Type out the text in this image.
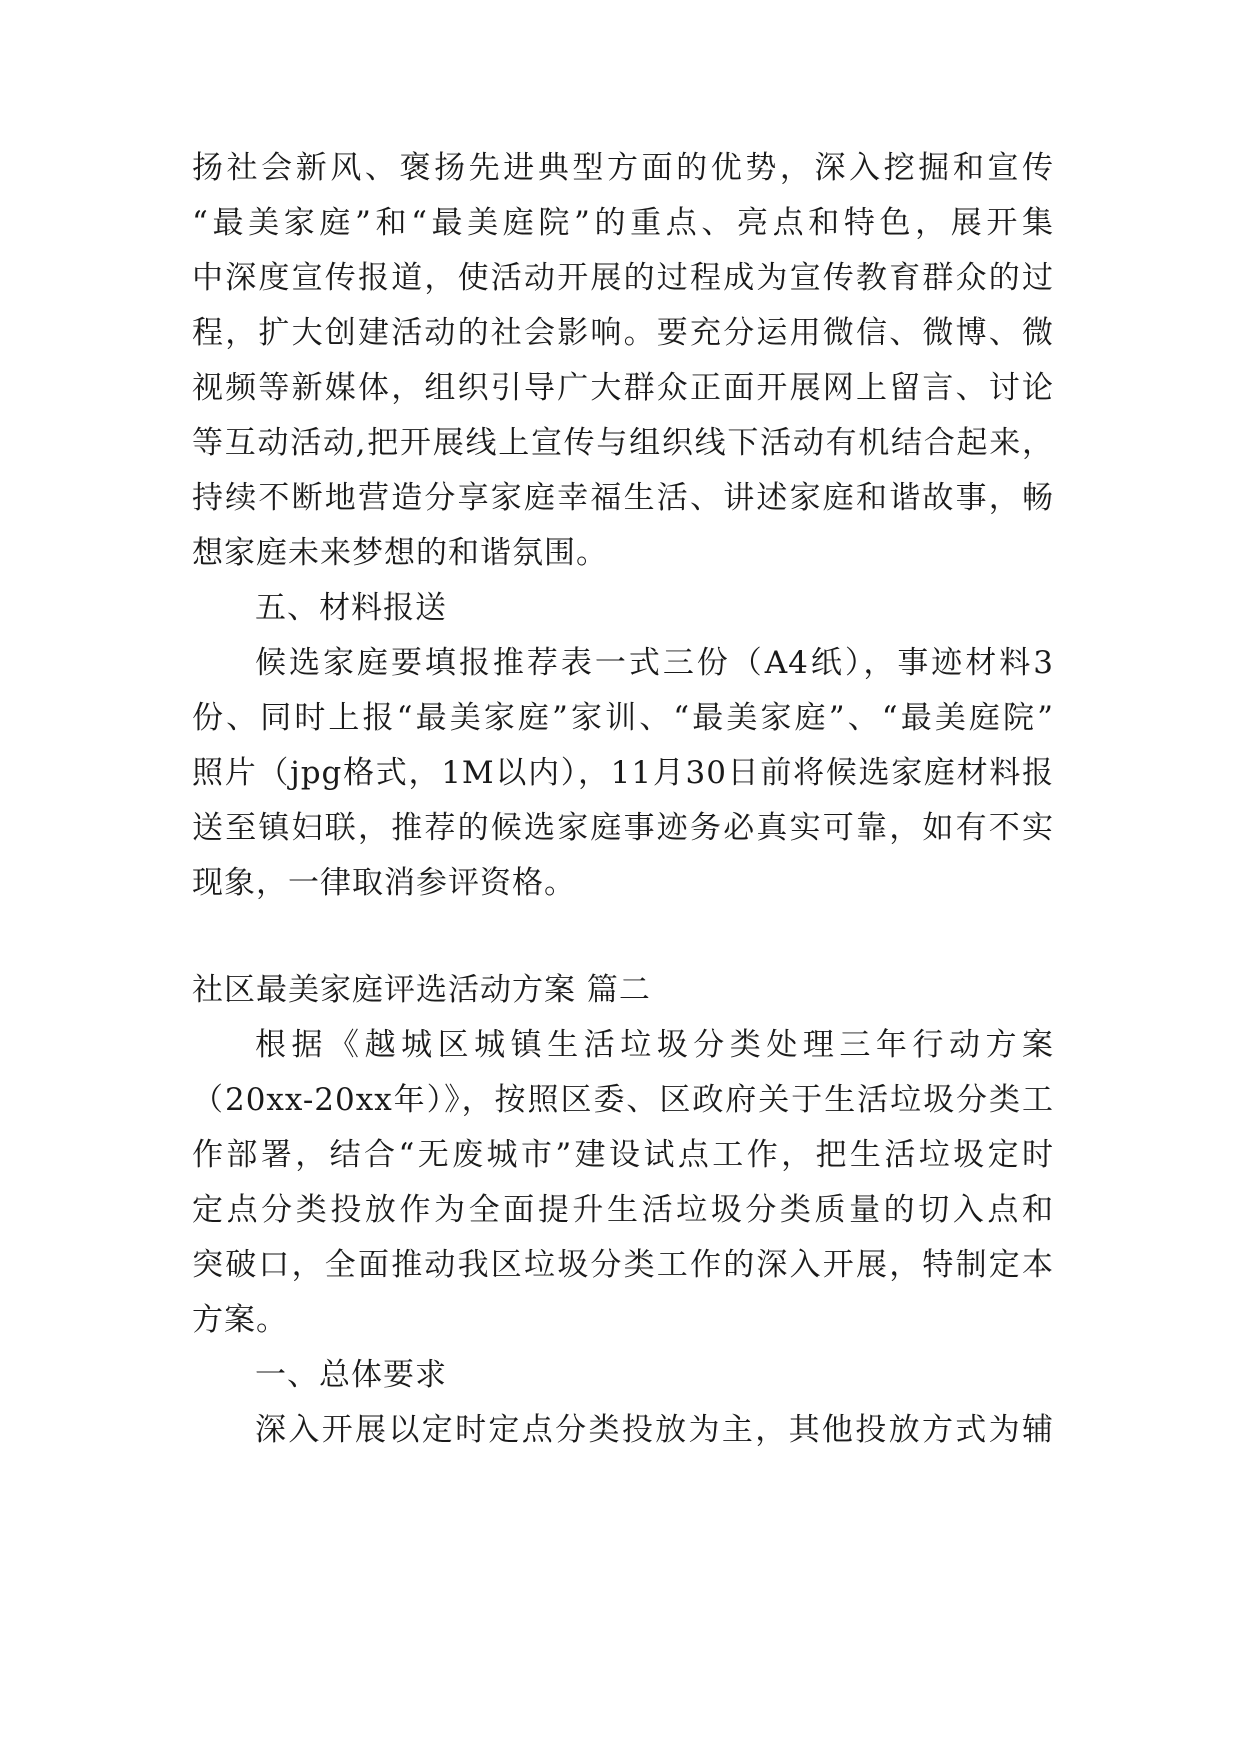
扬社会新风、褒扬先进典型方面的优势，深入挖掘和宣传
“最美家庭”和“最美庭院”的重点、亮点和特色，展开集
中深度宣传报道，使活动开展的过程成为宣传教育群众的过
程，扩大创建活动的社会影响。要充分运用微信、微博、微
视频等新媒体，组织引导广大群众正面开展网上留言、讨论
等互动活动,把开展线上宣传与组织线下活动有机结合起来，
持续不断地营造分享家庭幸福生活、讲述家庭和谐故事，畅
想家庭未来梦想的和谐氛围。
五、材料报送
候选家庭要填报推荐表一式三份（A4纸），事迹材料3
份、同时上报“最美家庭”家训、“最美家庭”、“最美庭院”
照片（jpg格式，1M以内），11月30日前将候选家庭材料报
送至镇妇联，推荐的候选家庭事迹务必真实可靠，如有不实
现象，一律取消参评资格。
社区最美家庭评选活动方案 篇二
根据《越城区城镇生活垃圾分类处理三年行动方案
（20xx-20xx年）》，按照区委、区政府关于生活垃圾分类工
作部署，结合“无废城市”建设试点工作，把生活垃圾定时
定点分类投放作为全面提升生活垃圾分类质量的切入点和
突破口，全面推动我区垃圾分类工作的深入开展，特制定本
方案。
一、总体要求
深入开展以定时定点分类投放为主，其他投放方式为辅
